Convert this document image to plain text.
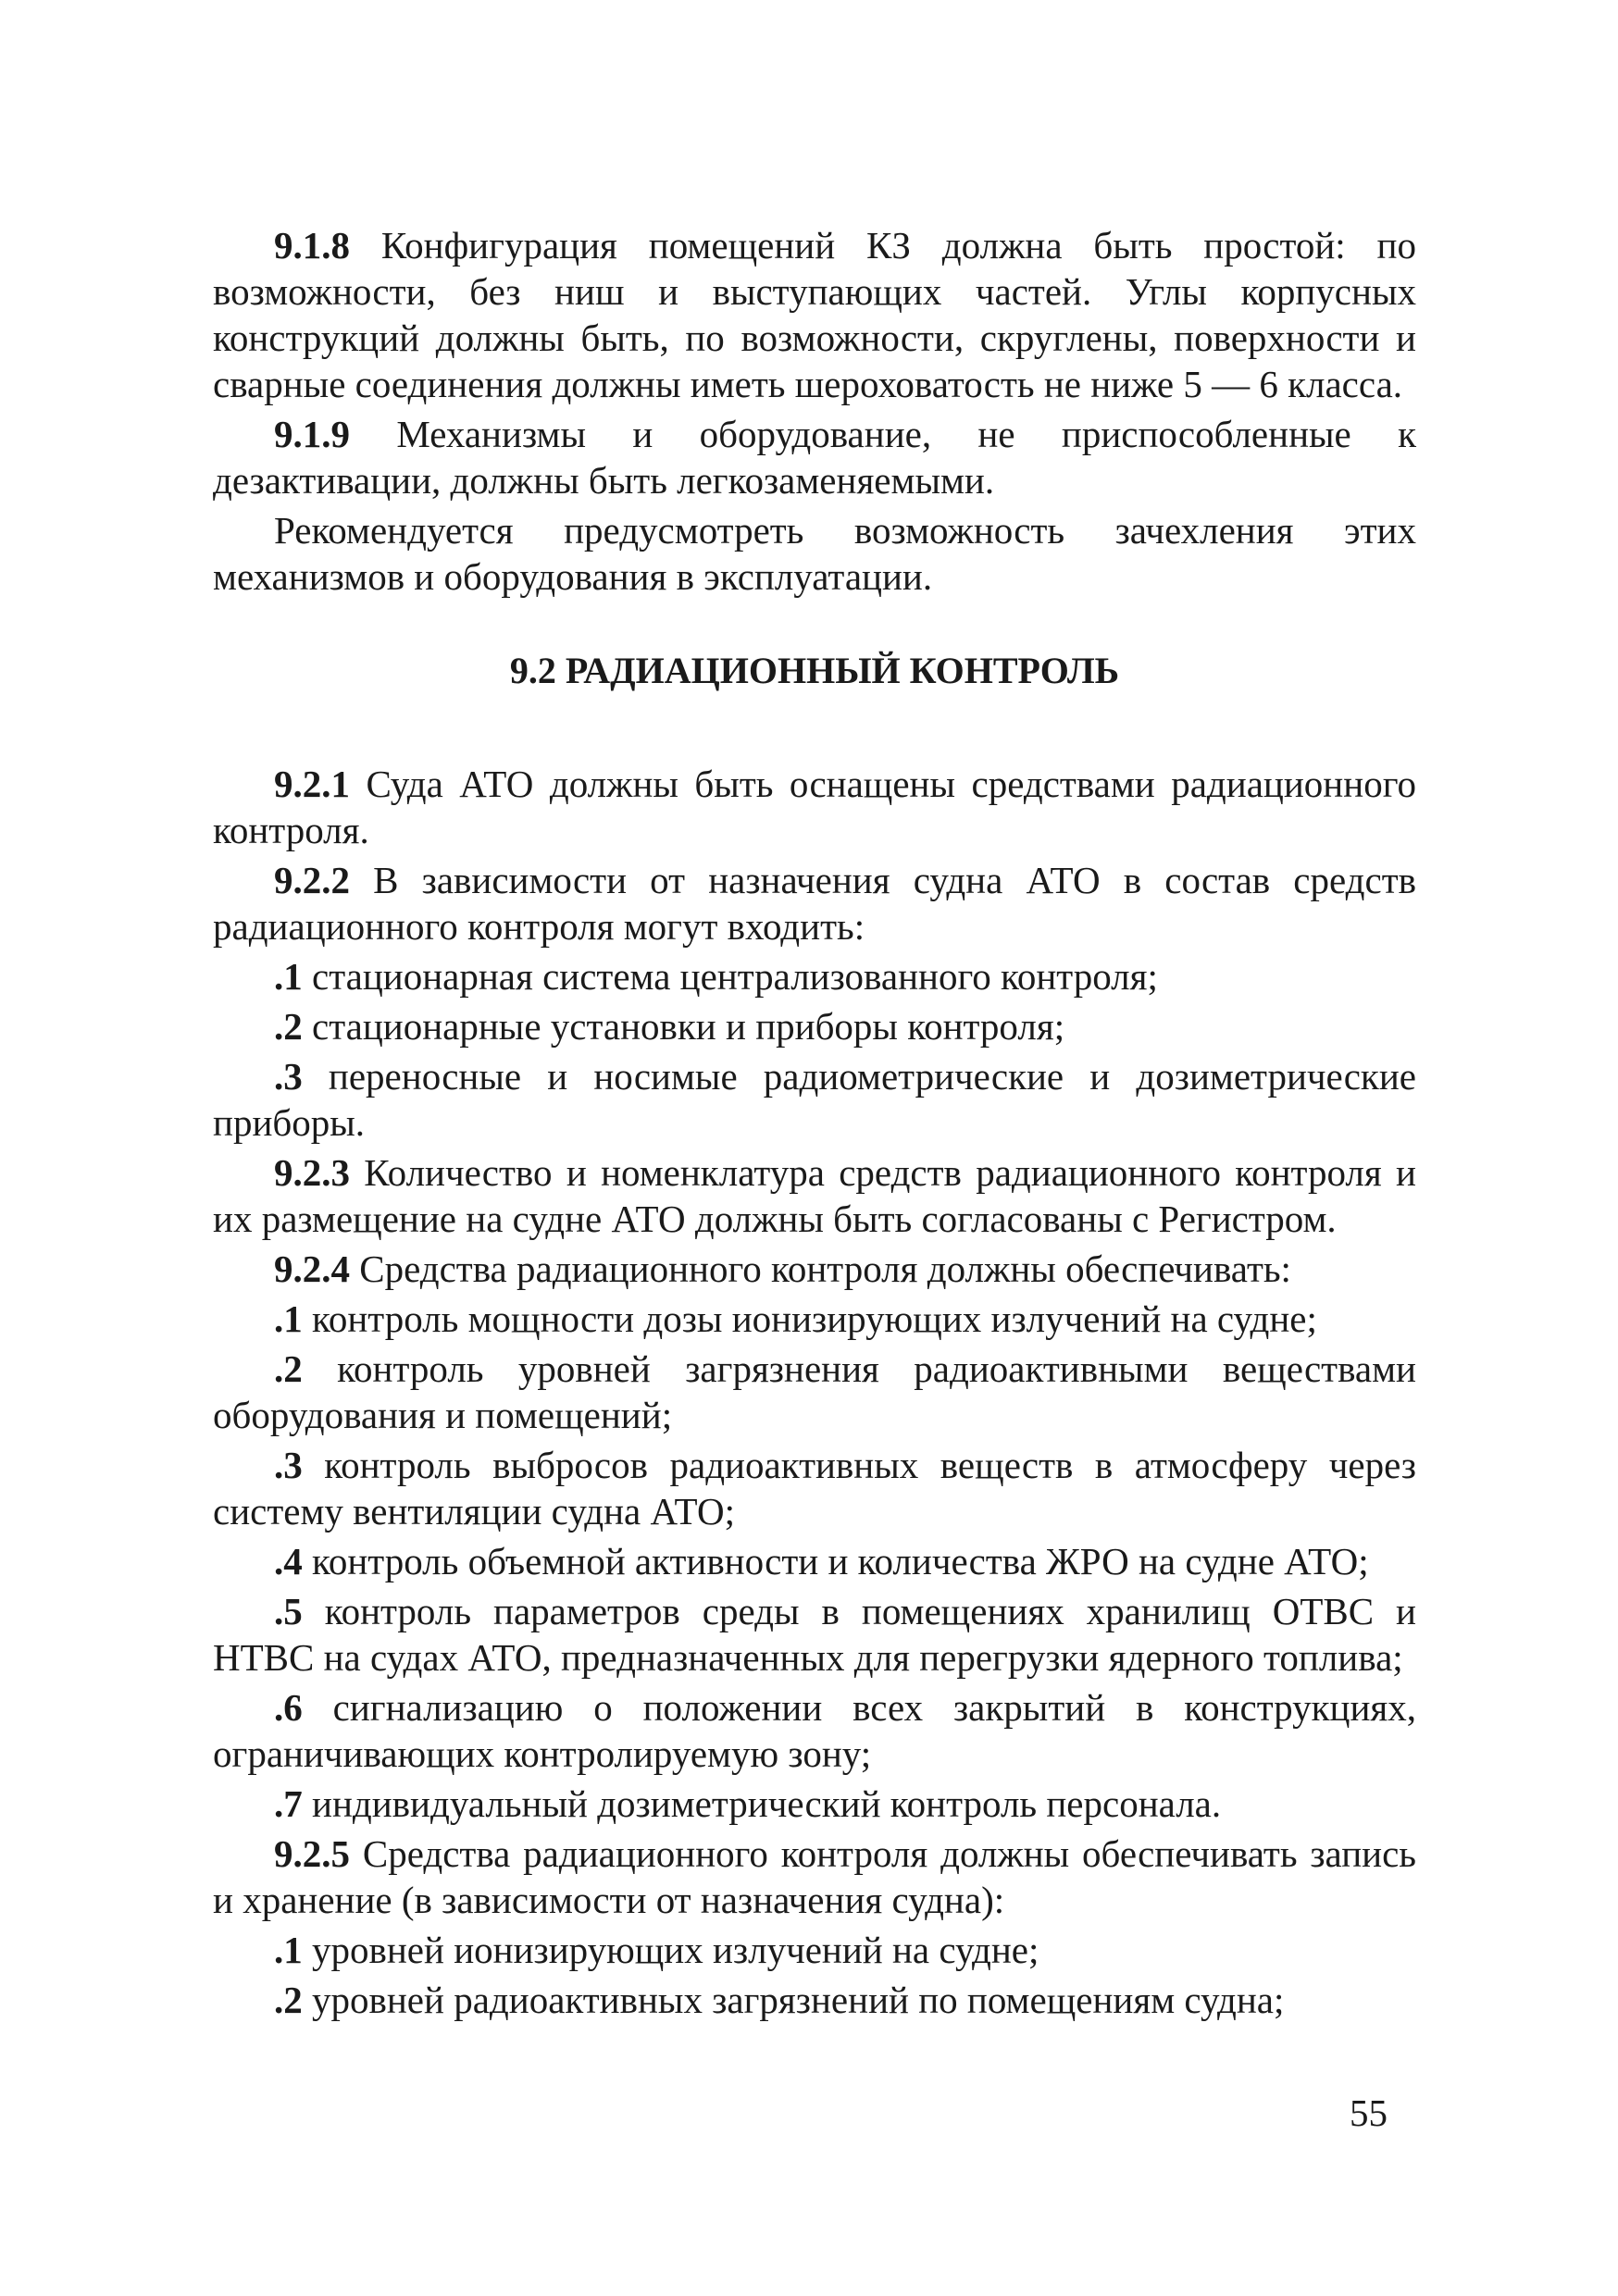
9.1.8 Конфигурация помещений КЗ должна быть простой: по возможности, без ниш и выступающих частей. Углы корпусных конструкций должны быть, по возможности, скруглены, поверхности и сварные соединения должны иметь шероховатость не ниже 5 — 6 класса.

9.1.9 Механизмы и оборудование, не приспособленные к дезактивации, должны быть легкозаменяемыми.

Рекомендуется предусмотреть возможность зачехления этих механизмов и оборудования в эксплуатации.

9.2 РАДИАЦИОННЫЙ КОНТРОЛЬ

9.2.1 Суда АТО должны быть оснащены средствами радиационного контроля.

9.2.2 В зависимости от назначения судна АТО в состав средств радиационного контроля могут входить:

.1 стационарная система централизованного контроля;

.2 стационарные установки и приборы контроля;

.3 переносные и носимые радиометрические и дозиметрические приборы.

9.2.3 Количество и номенклатура средств радиационного контроля и их размещение на судне АТО должны быть согласованы с Регистром.

9.2.4 Средства радиационного контроля должны обеспечивать:

.1 контроль мощности дозы ионизирующих излучений на судне;

.2 контроль уровней загрязнения радиоактивными веществами оборудования и помещений;

.3 контроль выбросов радиоактивных веществ в атмосферу через систему вентиляции судна АТО;

.4 контроль объемной активности и количества ЖРО на судне АТО;

.5 контроль параметров среды в помещениях хранилищ ОТВС и НТВС на судах АТО, предназначенных для перегрузки ядерного топлива;

.6 сигнализацию о положении всех закрытий в конструкциях, ограничивающих контролируемую зону;

.7 индивидуальный дозиметрический контроль персонала.

9.2.5 Средства радиационного контроля должны обеспечивать запись и хранение (в зависимости от назначения судна):

.1 уровней ионизирующих излучений на судне;

.2 уровней радиоактивных загрязнений по помещениям судна;

55
